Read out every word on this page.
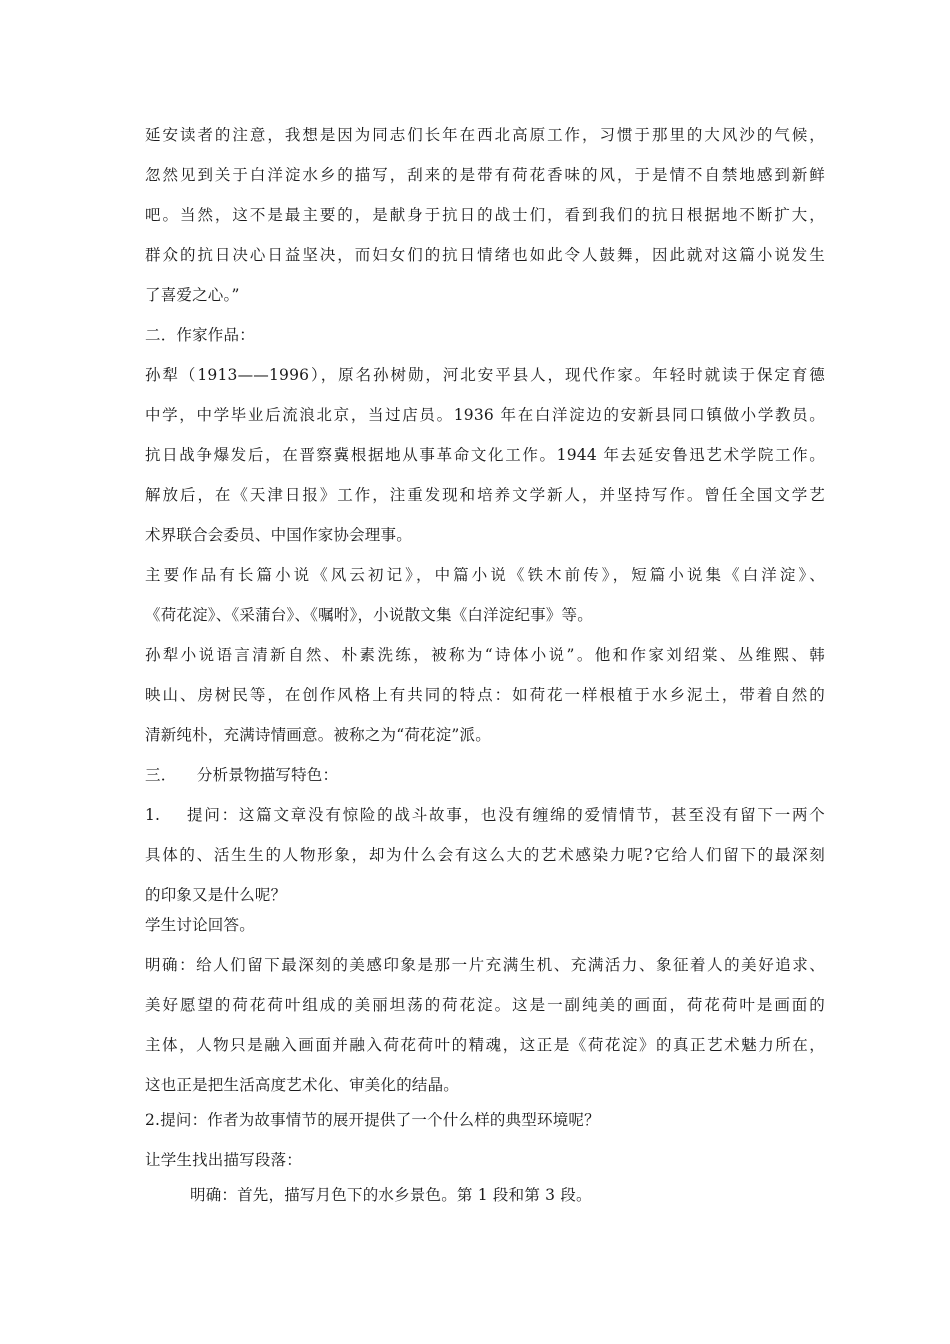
延安读者的注意，我想是因为同志们长年在西北高原工作，习惯于那里的大风沙的气候，
忽然见到关于白洋淀水乡的描写，刮来的是带有荷花香味的风，于是情不自禁地感到新鲜
吧。当然，这不是最主要的，是献身于抗日的战士们，看到我们的抗日根据地不断扩大，
群众的抗日决心日益坚决，而妇女们的抗日情绪也如此令人鼓舞，因此就对这篇小说发生
了喜爱之心。”
二．作家作品：
孙犁（1913——1996），原名孙树勋，河北安平县人，现代作家。年轻时就读于保定育德
中学，中学毕业后流浪北京，当过店员。1936 年在白洋淀边的安新县同口镇做小学教员。
抗日战争爆发后，在晋察冀根据地从事革命文化工作。1944 年去延安鲁迅艺术学院工作。
解放后，在《天津日报》工作，注重发现和培养文学新人，并坚持写作。曾任全国文学艺
术界联合会委员、中国作家协会理事。
主要作品有长篇小说《风云初记》，中篇小说《铁木前传》，短篇小说集《白洋淀》、
《荷花淀》、《采蒲台》、《嘱咐》，小说散文集《白洋淀纪事》等。
孙犁小说语言清新自然、朴素洗练，被称为“诗体小说”。他和作家刘绍棠、丛维熙、韩
映山、房树民等，在创作风格上有共同的特点：如荷花一样根植于水乡泥土，带着自然的
清新纯朴，充满诗情画意。被称之为“荷花淀”派。
三．    分析景物描写特色：
1.    提问：这篇文章没有惊险的战斗故事，也没有缠绵的爱情情节，甚至没有留下一两个
具体的、活生生的人物形象，却为什么会有这么大的艺术感染力呢?它给人们留下的最深刻
的印象又是什么呢？
学生讨论回答。
明确：给人们留下最深刻的美感印象是那一片充满生机、充满活力、象征着人的美好追求、
美好愿望的荷花荷叶组成的美丽坦荡的荷花淀。这是一副纯美的画面，荷花荷叶是画面的
主体，人物只是融入画面并融入荷花荷叶的精魂，这正是《荷花淀》的真正艺术魅力所在，
这也正是把生活高度艺术化、审美化的结晶。
2.提问：作者为故事情节的展开提供了一个什么样的典型环境呢？
让学生找出描写段落：
明确：首先，描写月色下的水乡景色。第 1 段和第 3 段。
